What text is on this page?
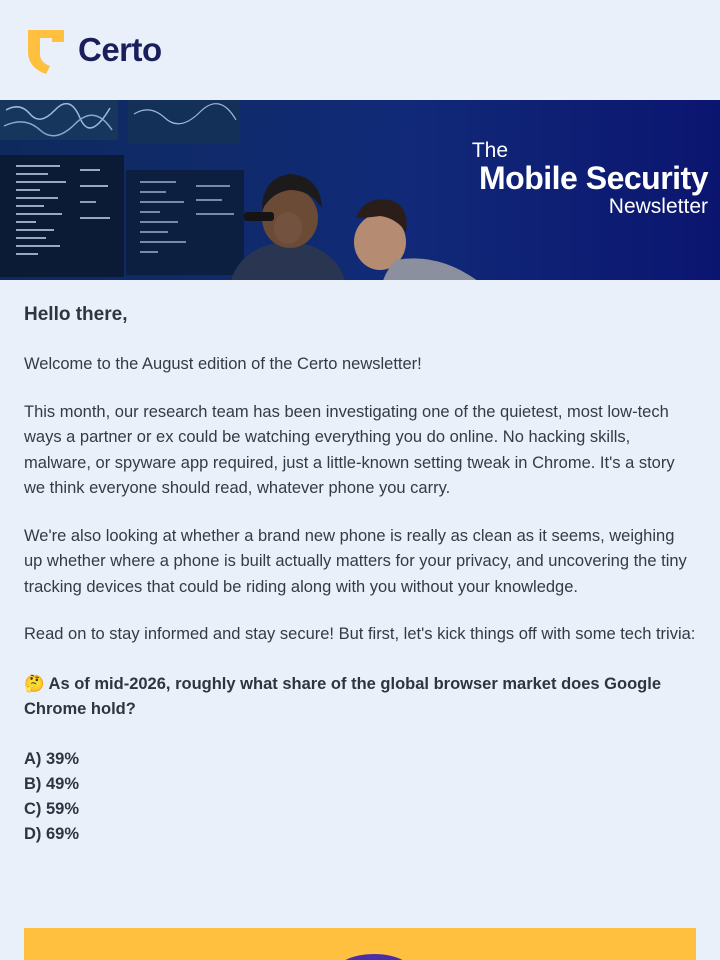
Certo
The
Mobile Security
Newsletter
Hello there,

Welcome to the August edition of the Certo newsletter!

This month, our research team has been investigating one of the quietest, most low-tech ways a partner or ex could be watching everything you do online. No hacking skills, malware, or spyware app required, just a little-known setting tweak in Chrome. It's a story we think everyone should read, whatever phone you carry.

We're also looking at whether a brand new phone is really as clean as it seems, weighing up whether where a phone is built actually matters for your privacy, and uncovering the tiny tracking devices that could be riding along with you without your knowledge.

Read on to stay informed and stay secure! But first, let's kick things off with some tech trivia:

🤔 As of mid-2026, roughly what share of the global browser market does Google Chrome hold?

A) 39%
B) 49%
C) 59%
D) 69%
